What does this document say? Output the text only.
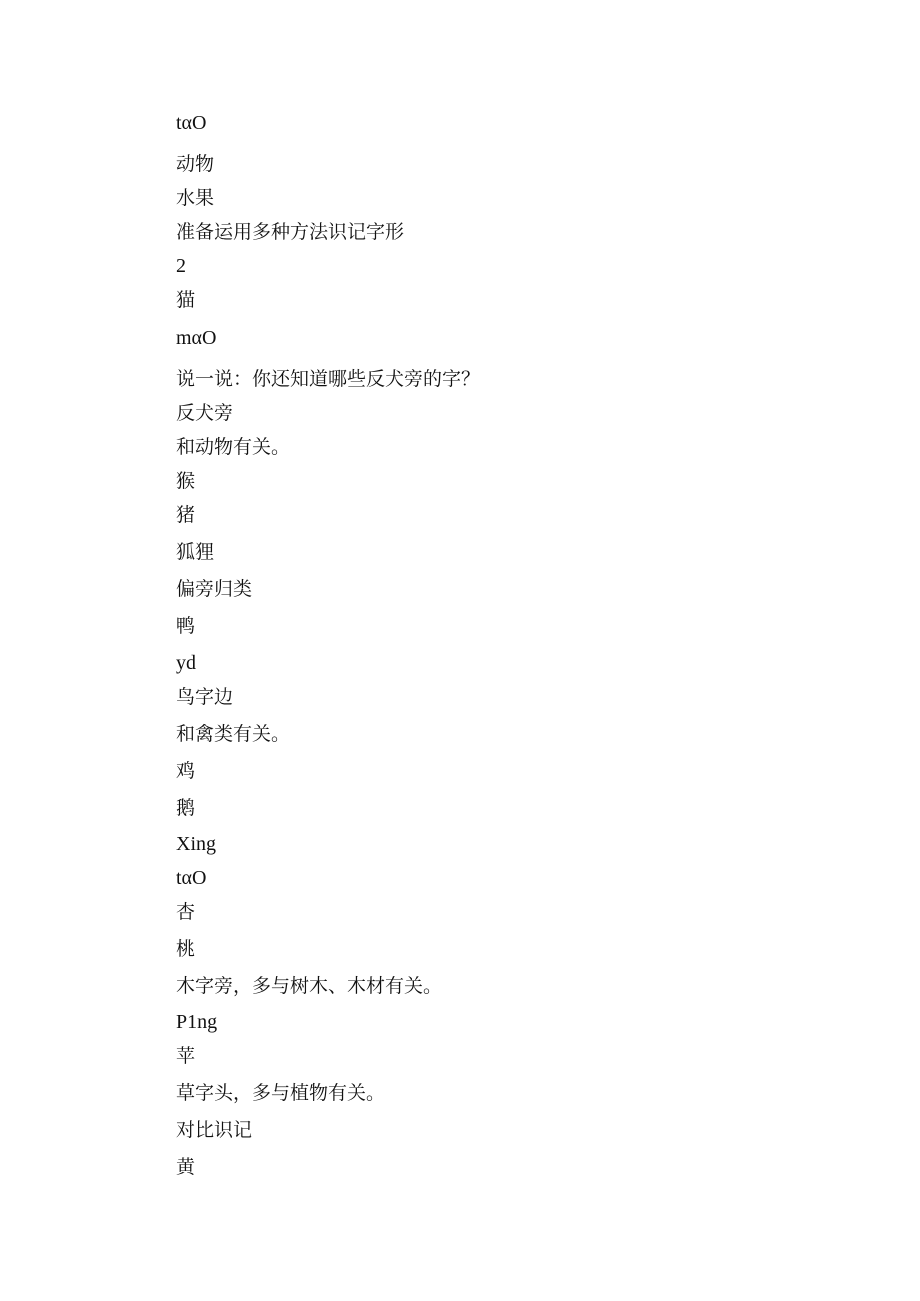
tαO
动物
水果
准备运用多种方法识记字形
2
猫
mαO
说一说：你还知道哪些反犬旁的字？
反犬旁
和动物有关。
猴
猪
狐狸
偏旁归类
鸭
yd
鸟字边
和禽类有关。
鸡
鹅
Xing
tαO
杏
桃
木字旁，多与树木、木材有关。
P1ng
苹
草字头，多与植物有关。
对比识记
黄
